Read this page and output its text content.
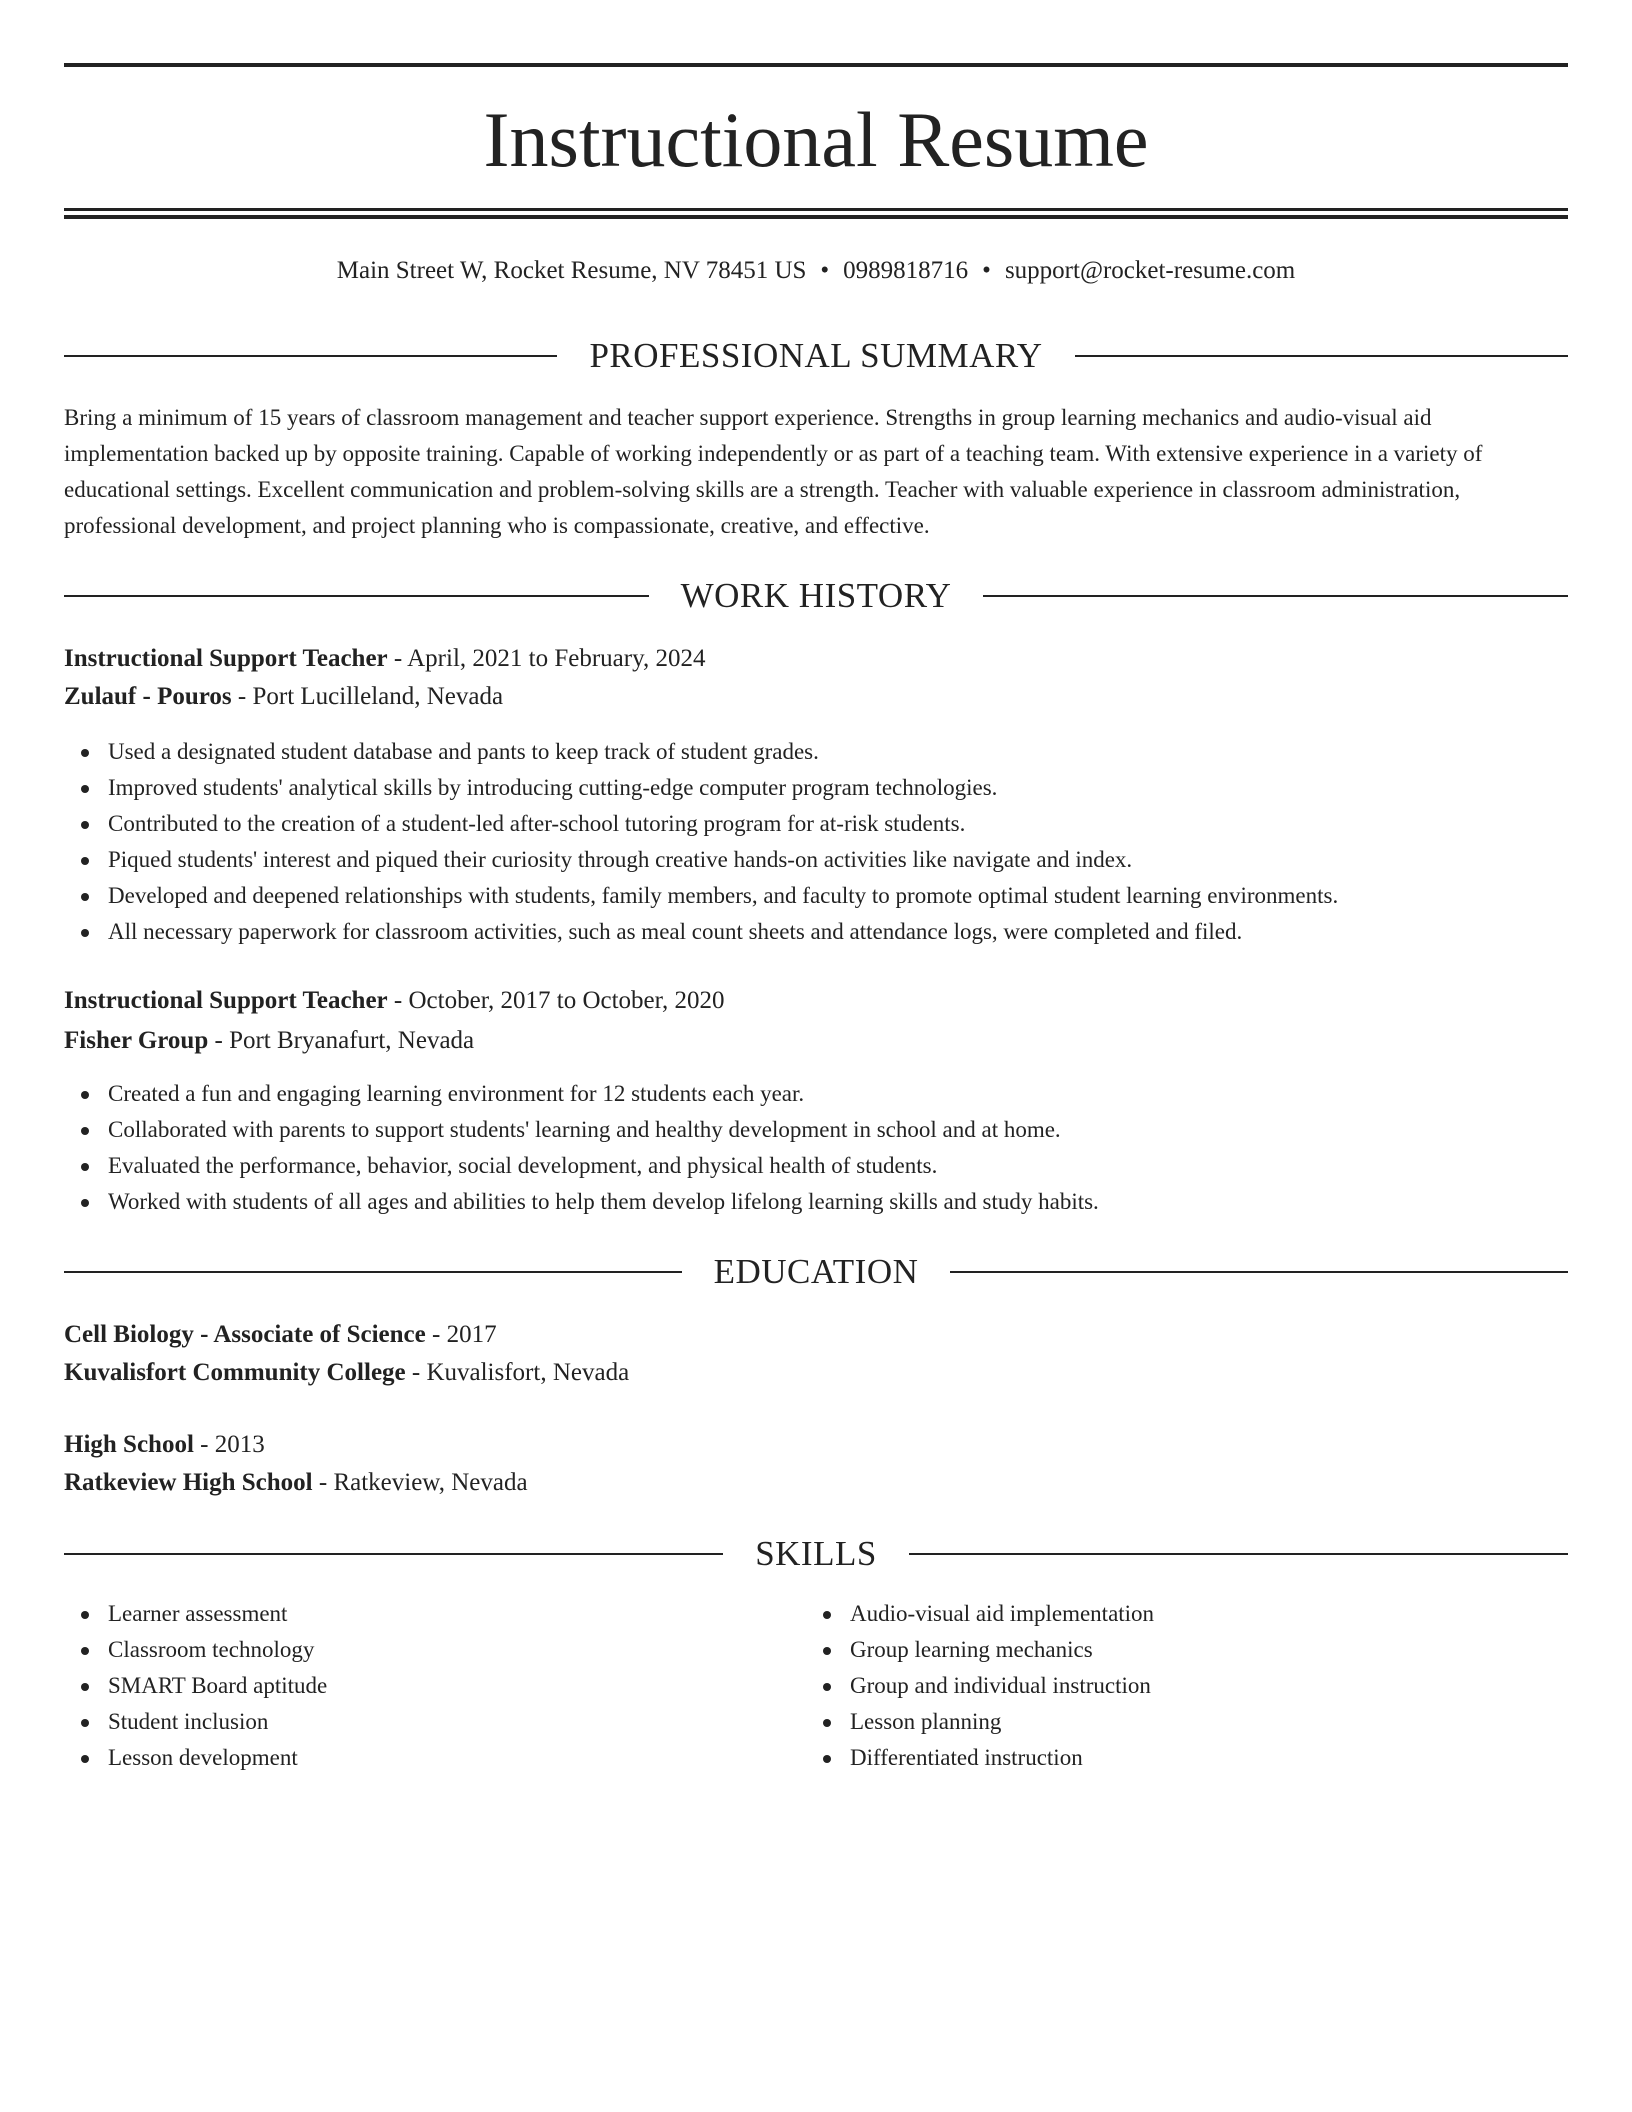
Instructional Resume
Main Street W, Rocket Resume, NV 78451 US • 0989818716 • support@rocket-resume.com
PROFESSIONAL SUMMARY
Bring a minimum of 15 years of classroom management and teacher support experience. Strengths in group learning mechanics and audio-visual aid implementation backed up by opposite training. Capable of working independently or as part of a teaching team. With extensive experience in a variety of educational settings. Excellent communication and problem-solving skills are a strength. Teacher with valuable experience in classroom administration, professional development, and project planning who is compassionate, creative, and effective.
WORK HISTORY
Instructional Support Teacher - April, 2021 to February, 2024
Zulauf - Pouros - Port Lucilleland, Nevada
Used a designated student database and pants to keep track of student grades.
Improved students' analytical skills by introducing cutting-edge computer program technologies.
Contributed to the creation of a student-led after-school tutoring program for at-risk students.
Piqued students' interest and piqued their curiosity through creative hands-on activities like navigate and index.
Developed and deepened relationships with students, family members, and faculty to promote optimal student learning environments.
All necessary paperwork for classroom activities, such as meal count sheets and attendance logs, were completed and filed.
Instructional Support Teacher - October, 2017 to October, 2020
Fisher Group - Port Bryanafurt, Nevada
Created a fun and engaging learning environment for 12 students each year.
Collaborated with parents to support students' learning and healthy development in school and at home.
Evaluated the performance, behavior, social development, and physical health of students.
Worked with students of all ages and abilities to help them develop lifelong learning skills and study habits.
EDUCATION
Cell Biology - Associate of Science - 2017
Kuvalisfort Community College - Kuvalisfort, Nevada
High School - 2013
Ratkeview High School - Ratkeview, Nevada
SKILLS
Learner assessment
Classroom technology
SMART Board aptitude
Student inclusion
Lesson development
Audio-visual aid implementation
Group learning mechanics
Group and individual instruction
Lesson planning
Differentiated instruction
